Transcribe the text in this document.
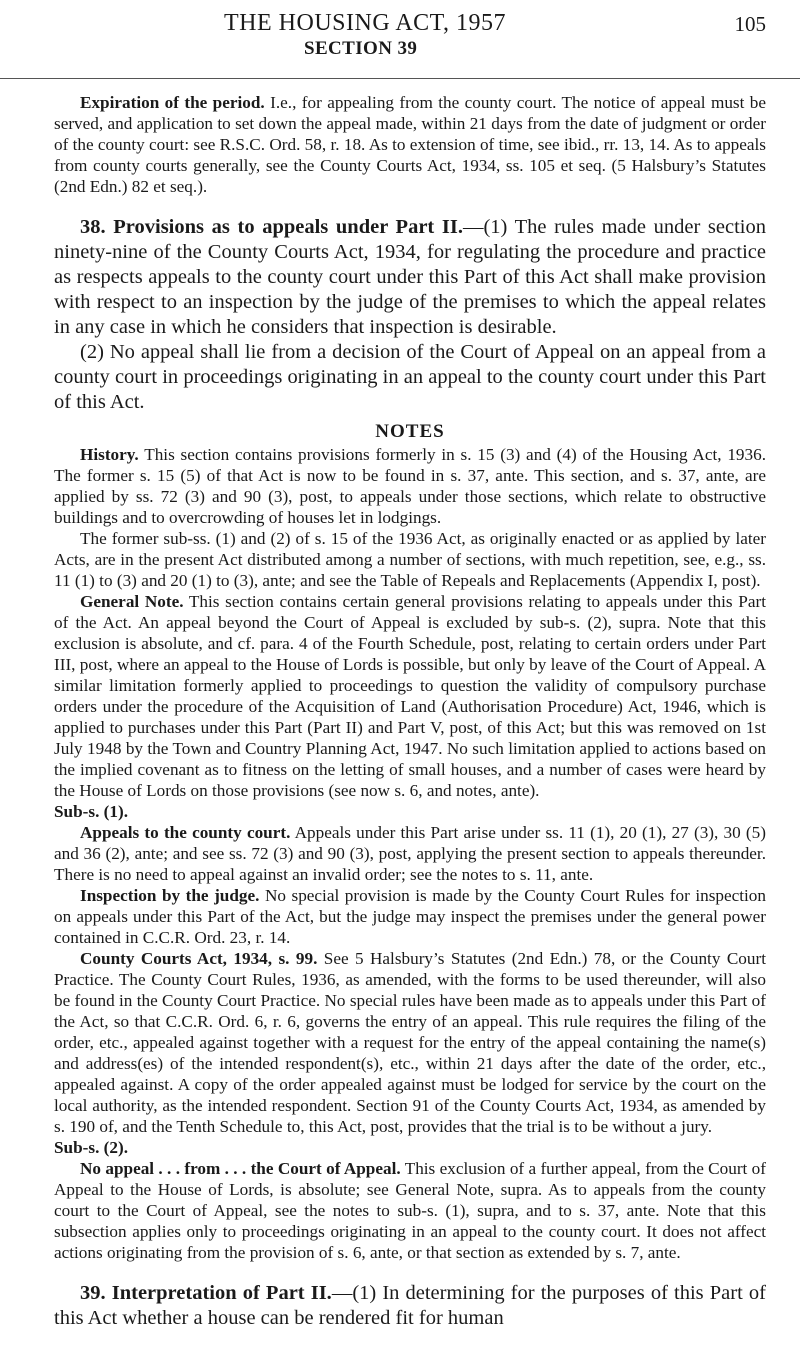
THE HOUSING ACT, 1957	105
SECTION 39

Expiration of the period. I.e., for appealing from the county court. The notice of appeal must be served, and application to set down the appeal made, within 21 days from the date of judgment or order of the county court: see R.S.C. Ord. 58, r. 18. As to extension of time, see ibid., rr. 13, 14. As to appeals from county courts generally, see the County Courts Act, 1934, ss. 105 et seq. (5 Halsbury’s Statutes (2nd Edn.) 82 et seq.).

38. Provisions as to appeals under Part II.—(1) The rules made under section ninety-nine of the County Courts Act, 1934, for regulating the procedure and practice as respects appeals to the county court under this Part of this Act shall make provision with respect to an inspection by the judge of the premises to which the appeal relates in any case in which he considers that inspection is desirable.

(2) No appeal shall lie from a decision of the Court of Appeal on an appeal from a county court in proceedings originating in an appeal to the county court under this Part of this Act.

NOTES

History. This section contains provisions formerly in s. 15 (3) and (4) of the Housing Act, 1936. The former s. 15 (5) of that Act is now to be found in s. 37, ante. This section, and s. 37, ante, are applied by ss. 72 (3) and 90 (3), post, to appeals under those sections, which relate to obstructive buildings and to overcrowding of houses let in lodgings.

The former sub-ss. (1) and (2) of s. 15 of the 1936 Act, as originally enacted or as applied by later Acts, are in the present Act distributed among a number of sections, with much repetition, see, e.g., ss. 11 (1) to (3) and 20 (1) to (3), ante; and see the Table of Repeals and Replacements (Appendix I, post).

General Note. This section contains certain general provisions relating to appeals under this Part of the Act. An appeal beyond the Court of Appeal is excluded by sub-s. (2), supra. Note that this exclusion is absolute, and cf. para. 4 of the Fourth Schedule, post, relating to certain orders under Part III, post, where an appeal to the House of Lords is possible, but only by leave of the Court of Appeal. A similar limitation formerly applied to proceedings to question the validity of compulsory purchase orders under the procedure of the Acquisition of Land (Authorisation Procedure) Act, 1946, which is applied to purchases under this Part (Part II) and Part V, post, of this Act; but this was removed on 1st July 1948 by the Town and Country Planning Act, 1947. No such limitation applied to actions based on the implied covenant as to fitness on the letting of small houses, and a number of cases were heard by the House of Lords on those provisions (see now s. 6, and notes, ante).

Sub-s. (1).

Appeals to the county court. Appeals under this Part arise under ss. 11 (1), 20 (1), 27 (3), 30 (5) and 36 (2), ante; and see ss. 72 (3) and 90 (3), post, applying the present section to appeals thereunder. There is no need to appeal against an invalid order; see the notes to s. 11, ante.

Inspection by the judge. No special provision is made by the County Court Rules for inspection on appeals under this Part of the Act, but the judge may inspect the premises under the general power contained in C.C.R. Ord. 23, r. 14.

County Courts Act, 1934, s. 99. See 5 Halsbury’s Statutes (2nd Edn.) 78, or the County Court Practice. The County Court Rules, 1936, as amended, with the forms to be used thereunder, will also be found in the County Court Practice. No special rules have been made as to appeals under this Part of the Act, so that C.C.R. Ord. 6, r. 6, governs the entry of an appeal. This rule requires the filing of the order, etc., appealed against together with a request for the entry of the appeal containing the name(s) and address(es) of the intended respondent(s), etc., within 21 days after the date of the order, etc., appealed against. A copy of the order appealed against must be lodged for service by the court on the local authority, as the intended respondent. Section 91 of the County Courts Act, 1934, as amended by s. 190 of, and the Tenth Schedule to, this Act, post, provides that the trial is to be without a jury.

Sub-s. (2).

No appeal . . . from . . . the Court of Appeal. This exclusion of a further appeal, from the Court of Appeal to the House of Lords, is absolute; see General Note, supra. As to appeals from the county court to the Court of Appeal, see the notes to sub-s. (1), supra, and to s. 37, ante. Note that this subsection applies only to proceedings originating in an appeal to the county court. It does not affect actions originating from the provision of s. 6, ante, or that section as extended by s. 7, ante.

39. Interpretation of Part II.—(1) In determining for the purposes of this Part of this Act whether a house can be rendered fit for human
